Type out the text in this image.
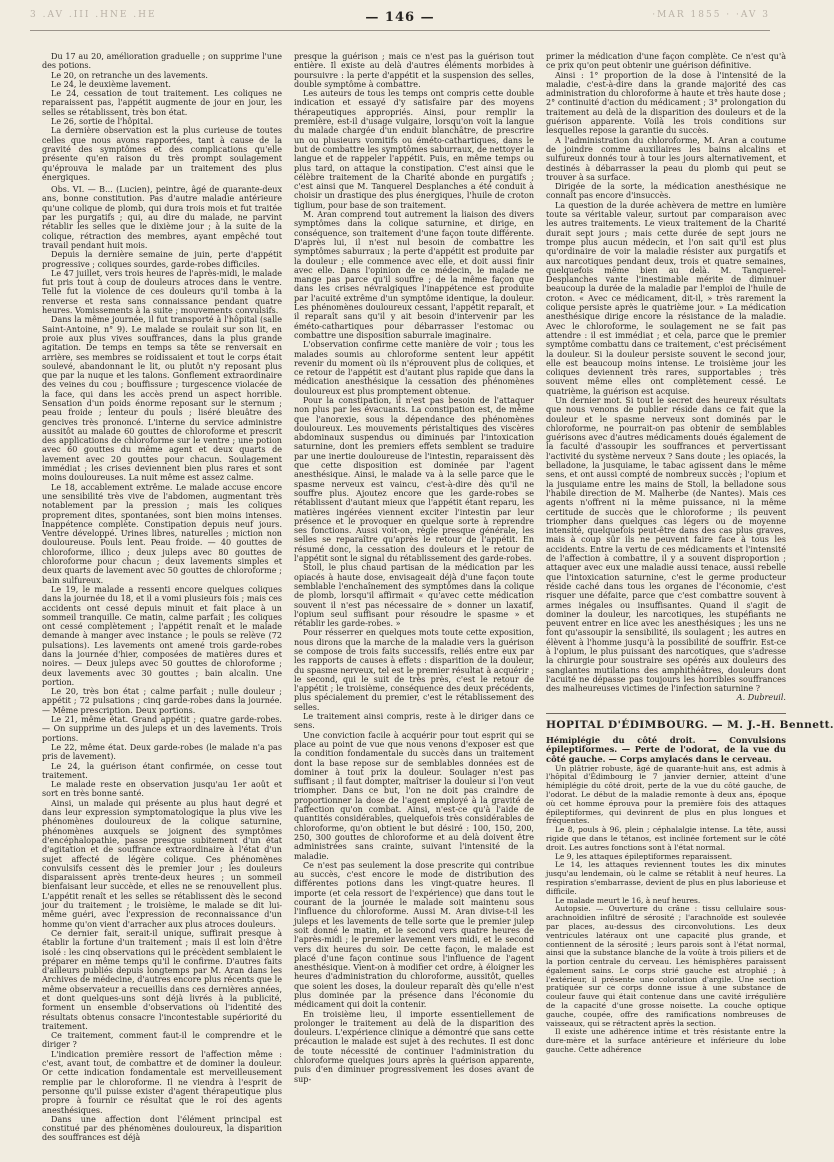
3 .AV .III .HNE .HE	— 146 —	·MAR 1855 · ·AV 3

Du 17 au 20, amélioration graduelle ; on supprime l'une des potions.

Le 20, on retranche un des lavements.

Le 24, le deuxième lavement.

Le 24, cessation de tout traitement. Les coliques ne reparaissent pas, l'appétit augmente de jour en jour, les selles se rétablissent, très bon état.

Le 26, sortie de l'hôpital.

La dernière observation est la plus curieuse de toutes celles que nous avons rapportées, tant à cause de la gravité des symptômes et des complications qu'elle présente qu'en raison du très prompt soulagement qu'éprouva le malade par un traitement des plus énergiques.

Obs. VI. — B... (Lucien), peintre, âgé de quarante-deux ans, bonne constitution. Pas d'autre maladie antérieure qu'une colique de plomb, qui dura trois mois et fut traitée par les purgatifs ; qui, au dire du malade, ne parvint rétablir les selles que le dixième jour ; à la suite de la colique, rétraction des membres, ayant empêché tout travail pendant huit mois.

Depuis la dernière semaine de juin, perte d'appétit progressive ; coliques sourdes, garde-robes difficiles.

Le 47 juillet, vers trois heures de l'après-midi, le malade fut pris tout à coup de douleurs atroces dans le ventre. Telle fut la violence de ces douleurs qu'il tomba à la renverse et resta sans connaissance pendant quatre heures. Vomissements à la suite ; mouvements convulsifs.

Dans la même journée, il fut transporté à l'hôpital (salle Saint-Antoine, n° 9). Le malade se roulait sur son lit, en proie aux plus vives souffrances, dans la plus grande agitation. De temps en temps sa tête se renversait en arrière, ses membres se roidissaient et tout le corps était soulevé, abandonnant le lit, ou plutôt n'y reposant plus que par la nuque et les talons. Gonflement extraordinaire des veines du cou ; bouffissure ; turgescence violacée de la face, qui dans les accès prend un aspect horrible. Sensation d'un poids énorme reposant sur le sternum ; peau froide ; lenteur du pouls ; liséré bleuâtre des gencives très prononcé. L'interne du service administre aussitôt au malade 60 gouttes de chloroforme et prescrit des applications de chloroforme sur le ventre ; une potion avec 60 gouttes du même agent et deux quarts de lavement avec 20 gouttes pour chacun. Soulagement immédiat ; les crises deviennent bien plus rares et sont moins douloureuses. La nuit même est assez calme.

Le 18, accablement extrême. Le malade accuse encore une sensibilité très vive de l'abdomen, augmentant très notablement par la pression ; mais les coliques proprement dites, spontanées, sont bien moins intenses. Inappétence complète. Constipation depuis neuf jours. Ventre développé. Urines libres, naturelles ; miction non douloureuse. Pouls lent. Peau froide. — 40 gouttes de chloroforme, illico ; deux juleps avec 80 gouttes de chloroforme pour chacun ; deux lavements simples et deux quarts de lavement avec 50 gouttes de chloroforme ; bain sulfureux.

Le 19, le malade a ressenti encore quelques coliques dans la journée du 18, et il a vomi plusieurs fois ; mais ces accidents ont cessé depuis minuit et fait place à un sommeil tranquille. Ce matin, calme parfait ; les coliques ont cessé complètement ; l'appétit renaît et le malade demande à manger avec instance ; le pouls se relève (72 pulsations). Les lavements ont amené trois garde-robes dans la journée d'hier, composées de matières dures et noires. — Deux juleps avec 50 gouttes de chloroforme ; deux lavements avec 30 gouttes ; bain alcalin. Une portion.

Le 20, très bon état ; calme parfait ; nulle douleur ; appétit ; 72 pulsations ; cinq garde-robes dans la journée. — Même prescription. Deux portions.

Le 21, même état. Grand appétit ; quatre garde-robes. — On supprime un des juleps et un des lavements. Trois portions.

Le 22, même état. Deux garde-robes (le malade n'a pas pris de lavement).

Le 24, la guérison étant confirmée, on cesse tout traitement.

Le malade reste en observation jusqu'au 1er août et sort en très bonne santé.

Ainsi, un malade qui présente au plus haut degré et dans leur expression symptomatologique la plus vive les phénomènes douloureux de la colique saturnine, phénomènes auxquels se joignent des symptômes d'encéphalopathie, passe presque subitement d'un état d'agitation et de souffrance extraordinaire à l'état d'un sujet affecté de légère colique. Ces phénomènes convulsifs cessent dès le premier jour ; les douleurs disparaissent après trente-deux heures ; un sommeil bienfaisant leur succède, et elles ne se renouvellent plus. L'appétit renaît et les selles se rétablissent dès le second jour du traitement ; le troisième, le malade se dit lui-même guéri, avec l'expression de reconnaissance d'un homme qu'on vient d'arracher aux plus atroces douleurs.

Ce dernier fait, serait-il unique, suffirait presque à établir la fortune d'un traitement ; mais il est loin d'être isolé : les cinq observations qui le précèdent semblaient le préparer en même temps qu'il le confirme. D'autres faits d'ailleurs publiés depuis longtemps par M. Aran dans les Archives de médecine, d'autres encore plus récents que le même observateur a recueillis dans ces dernières années, et dont quelques-uns sont déjà livrés à la publicité, forment un ensemble d'observations où l'identité des résultats obtenus consacre l'incontestable supériorité du traitement.

Ce traitement, comment faut-il le comprendre et le diriger ?

L'indication première ressort de l'affection même : c'est, avant tout, de combattre et de dominer la douleur. Or cette indication fondamentale est merveilleusement remplie par le chloroforme. Il ne viendra à l'esprit de personne qu'il puisse exister d'agent thérapeutique plus propre à fournir ce résultat que le roi des agents anesthésiques.

Dans une affection dont l'élément principal est constitué par des phénomènes douloureux, la disparition des souffrances est déjà

presque la guérison ; mais ce n'est pas la guérison tout entière. Il existe au delà d'autres éléments morbides à poursuivre : la perte d'appétit et la suspension des selles, double symptôme à combattre.

Les auteurs de tous les temps ont compris cette double indication et essayé d'y satisfaire par des moyens thérapeutiques appropriés. Ainsi, pour remplir la première, est-il d'usage vulgaire, lorsqu'on voit la langue du malade chargée d'un enduit blanchâtre, de prescrire un ou plusieurs vomitifs ou éméto-cathartiques, dans le but de combattre les symptômes saburraux, de nettoyer la langue et de rappeler l'appétit. Puis, en même temps ou plus tard, on attaque la constipation. C'est ainsi que le célèbre traitement de la Charité abonde en purgatifs ; c'est ainsi que M. Tanquerel Desplanches a été conduit à choisir un drastique des plus énergiques, l'huile de croton tiglium, pour base de son traitement.

M. Aran comprend tout autrement la liaison des divers symptômes dans la colique saturnine, et dirige, en conséquence, son traitement d'une façon toute différente. D'après lui, il n'est nul besoin de combattre les symptômes saburraux ; la perte d'appétit est produite par la douleur ; elle commence avec elle, et doit aussi finir avec elle. Dans l'opinion de ce médecin, le malade ne mange pas parce qu'il souffre ; de la même façon que dans les crises névralgiques l'inappétence est produite par l'acuité extrême d'un symptôme identique, la douleur. Les phénomènes douloureux cessant, l'appétit reparaît, et il reparaît sans qu'il y ait besoin d'intervenir par les éméto-cathartiques pour débarrasser l'estomac ou combattre une disposition saburrale imaginaire.

L'observation confirme cette manière de voir ; tous les malades soumis au chloroforme sentent leur appétit revenir du moment où ils n'éprouvent plus de coliques, et ce retour de l'appétit est d'autant plus rapide que dans la médication anesthésique la cessation des phénomènes douloureux est plus promptement obtenue.

Pour la constipation, il n'est pas besoin de l'attaquer non plus par les évacuants. La constipation est, de même que l'anorexie, sous la dépendance des phénomènes douloureux. Les mouvements péristaltiques des viscères abdominaux suspendus ou diminués par l'intoxication saturnine, dont les premiers effets semblent se traduire par une inertie douloureuse de l'intestin, reparaissent dès que cette disposition est dominée par l'agent anesthésique. Ainsi, le malade va à la selle parce que le spasme nerveux est vaincu, c'est-à-dire dès qu'il ne souffre plus. Ajoutez encore que les garde-robes se rétablissent d'autant mieux que l'appétit étant reparu, les matières ingérées viennent exciter l'intestin par leur présence et le provoquer en quelque sorte à reprendre ses fonctions. Aussi voit-on, règle presque générale, les selles se reparaître qu'après le retour de l'appétit. En résumé donc, la cessation des douleurs et le retour de l'appétit sont le signal du rétablissement des garde-robes.

Stoll, le plus chaud partisan de la médication par les opiacés à haute dose, envisageait déjà d'une façon toute semblable l'enchaînement des symptômes dans la colique de plomb, lorsqu'il affirmait « qu'avec cette médication souvent il n'est pas nécessaire de » donner un laxatif, l'opium seul suffisant pour résoudre le spasme » et rétablir les garde-robes. »

Pour résserrer en quelques mots toute cette exposition, nous dirons que la marche de la maladie vers la guérison se compose de trois faits successifs, reliés entre eux par les rapports de causes à effets : disparition de la douleur, du spasme nerveux, tel est le premier résultat à acquérir ; le second, qui le suit de très près, c'est le retour de l'appétit ; le troisième, conséquence des deux précédents, plus spécialement du premier, c'est le rétablissement des selles.

Le traitement ainsi compris, reste à le diriger dans ce sens.

Une conviction facile à acquérir pour tout esprit qui se place au point de vue que nous venons d'exposer est que la condition fondamentale du succès dans un traitement dont la base repose sur de semblables données est de dominer à tout prix la douleur. Soulager n'est pas suffisant ; il faut dompter, maîtriser la douleur si l'on veut triompher. Dans ce but, l'on ne doit pas craindre de proportionner la dose de l'agent employé à la gravité de l'affection qu'on combat. Ainsi, n'est-ce qu'à l'aide de quantités considérables, quelquefois très considérables de chloroforme, qu'on obtient le but désiré : 100, 150, 200, 250, 300 gouttes de chloroforme et au delà doivent être administrées sans crainte, suivant l'intensité de la maladie.

Ce n'est pas seulement la dose prescrite qui contribue au succès, c'est encore le mode de distribution des différentes potions dans les vingt-quatre heures. Il importe (et cela ressort de l'expérience) que dans tout le courant de la journée le malade soit maintenu sous l'influence du chloroforme. Aussi M. Aran divise-t-il les juleps et les lavements de telle sorte que le premier julep soit donné le matin, et le second vers quatre heures de l'après-midi ; le premier lavement vers midi, et le second vers dix heures du soir. De cette façon, le malade est placé d'une façon continue sous l'influence de l'agent anesthésique. Vient-on à modifier cet ordre, à éloigner les heures d'administration du chloroforme, aussitôt, quelles que soient les doses, la douleur reparaît dès qu'elle n'est plus dominée par la présence dans l'économie du médicament qui doit la contenir.

En troisième lieu, il importe essentiellement de prolonger le traitement au delà de la disparition des douleurs. L'expérience clinique a démontré que sans cette précaution le malade est sujet à des rechutes. Il est donc de toute nécessité de continuer l'administration du chloroforme quelques jours après la guérison apparente, puis d'en diminuer progressivement les doses avant de sup-

primer la médication d'une façon complète. Ce n'est qu'à ce prix qu'on peut obtenir une guérison définitive.

Ainsi : 1° proportion de la dose à l'intensité de la maladie, c'est-à-dire dans la grande majorité des cas administration du chloroforme à haute et très haute dose ; 2° continuité d'action du médicament ; 3° prolongation du traitement au delà de la disparition des douleurs et de la guérison apparente. Voilà les trois conditions sur lesquelles repose la garantie du succès.

A l'administration du chloroforme, M. Aran a coutume de joindre comme auxiliaires les bains alcalins et sulfureux donnés tour à tour les jours alternativement, et destinés à débarrasser la peau du plomb qui peut se trouver à sa surface.

Dirigée de la sorte, la médication anesthésique ne connaît pas encore d'insuccès.

La question de la durée achèvera de mettre en lumière toute sa véritable valeur, surtout par comparaison avec les autres traitements. Le vieux traitement de la Charité durait sept jours ; mais cette durée de sept jours ne trompe plus aucun médecin, et l'on sait qu'il est plus qu'ordinaire de voir la maladie résister aux purgatifs et aux narcotiques pendant deux, trois et quatre semaines, quelquefois même bien au delà. M. Tanquerel-Desplanches vante l'inestimable mérite de diminuer beaucoup la durée de la maladie par l'emploi de l'huile de croton. « Avec ce médicament, dit-il, » très rarement la colique persiste après le quatrième jour. » La médication anesthésique dirige encore la résistance de la maladie. Avec le chloroforme, le soulagement ne se fait pas attendre : il est immédiat ; et cela, parce que le premier symptôme combattu dans ce traitement, c'est précisément la douleur. Si la douleur persiste souvent le second jour, elle est beaucoup moins intense. Le troisième jour les coliques deviennent très rares, supportables ; très souvent même elles ont complètement cessé. Le quatrième, la guérison est acquise.

Un dernier mot. Si tout le secret des heureux résultats que nous venons de publier réside dans ce fait que la douleur et le spasme nerveux sont dominés par le chloroforme, ne pourrait-on pas obtenir de semblables guérisons avec d'autres médicaments doués également de la faculté d'assoupir les souffrances et pervertissant l'activité du système nerveux ? Sans doute ; les opiacés, la belladone, la jusquiame, le tabac agissent dans le même sens, et ont aussi compté de nombreux succès ; l'opium et la jusquiame entre les mains de Stoll, la belladone sous l'habile direction de M. Malherbe (de Nantes). Mais ces agents n'offrent ni la même puissance, ni la même certitude de succès que le chloroforme ; ils peuvent triompher dans quelques cas légers ou de moyenne intensité, quelquefois peut-être dans des cas plus graves, mais à coup sûr ils ne peuvent faire face à tous les accidents. Entre la vertu de ces médicaments et l'intensité de l'affection à combattre, il y a souvent disproportion ; attaquer avec eux une maladie aussi tenace, aussi rebelle que l'intoxication saturnine, c'est le germe producteur réside caché dans tous les organes de l'économie, c'est risquer une défaite, parce que c'est combattre souvent à armes inégales ou insuffisantes. Quand il s'agit de dominer la douleur, les narcotiques, les stupéfiants ne peuvent entrer en lice avec les anesthésiques ; les uns ne font qu'assoupir la sensibilité, ils soulagent ; les autres en élèvent à l'homme jusqu'à la possibilité de souffrir. Est-ce à l'opium, le plus puissant des narcotiques, que s'adresse la chirurgie pour soustraire ses opérés aux douleurs des sanglantes mutilations des amphithéâtres, douleurs dont l'acuité ne dépasse pas toujours les horribles souffrances des malheureuses victimes de l'infection saturnine ?

A. Dubreuil.

HOPITAL D'ÉDIMBOURG. — M. J.-H. Bennett.

Hémiplégie du côté droit. — Convulsions épileptiformes. — Perte de l'odorat, de la vue du côté gauche. — Corps amylacés dans le cerveau.

Un plâtrier robuste, âgé de quarante-huit ans, est admis à l'hôpital d'Édimbourg le 7 janvier dernier, atteint d'une hémiplégie du côté droit, perte de la vue du côté gauche, de l'odorat. Le début de la maladie remonte à deux ans, époque où cet homme éprouva pour la première fois des attaques épileptiformes, qui devinrent de plus en plus longues et fréquentes.

Le 8, pouls à 96, plein ; céphalalgie intense. La tête, aussi rigide que dans le tétanos, est inclinée fortement sur le côté droit. Les autres fonctions sont à l'état normal.

Le 9, les attaques épileptiformes reparaissent.

Le 14, les attaques reviennent toutes les dix minutes jusqu'au lendemain, où le calme se rétablit à neuf heures. La respiration s'embarrasse, devient de plus en plus laborieuse et difficile.

Le malade meurt le 16, à neuf heures.

Autopsie. — Ouverture du crâne : tissu cellulaire sous-arachnoïdien infiltré de sérosité ; l'arachnoïde est soulevée par places, au-dessus des circonvolutions. Les deux ventricules latéraux ont une capacité plus grande, et contiennent de la sérosité ; leurs parois sont à l'état normal, ainsi que la substance blanche de la voûte à trois piliers et de la portion centrale du cerveau. Les hémisphères paraissent également sains. Le corps strié gauche est atrophié ; à l'extérieur, il présente une coloration d'argile. Une section pratiquée sur ce corps donne issue à une substance de couleur fauve qui était contenue dans une cavité irrégulière de la capacité d'une grosse noisette. La couche optique gauche, coupée, offre des ramifications nombreuses de vaisseaux, qui se rétractent après la section.

Il existe une adhérence intime et très résistante entre la dure-mère et la surface antérieure et inférieure du lobe gauche. Cette adhérence
